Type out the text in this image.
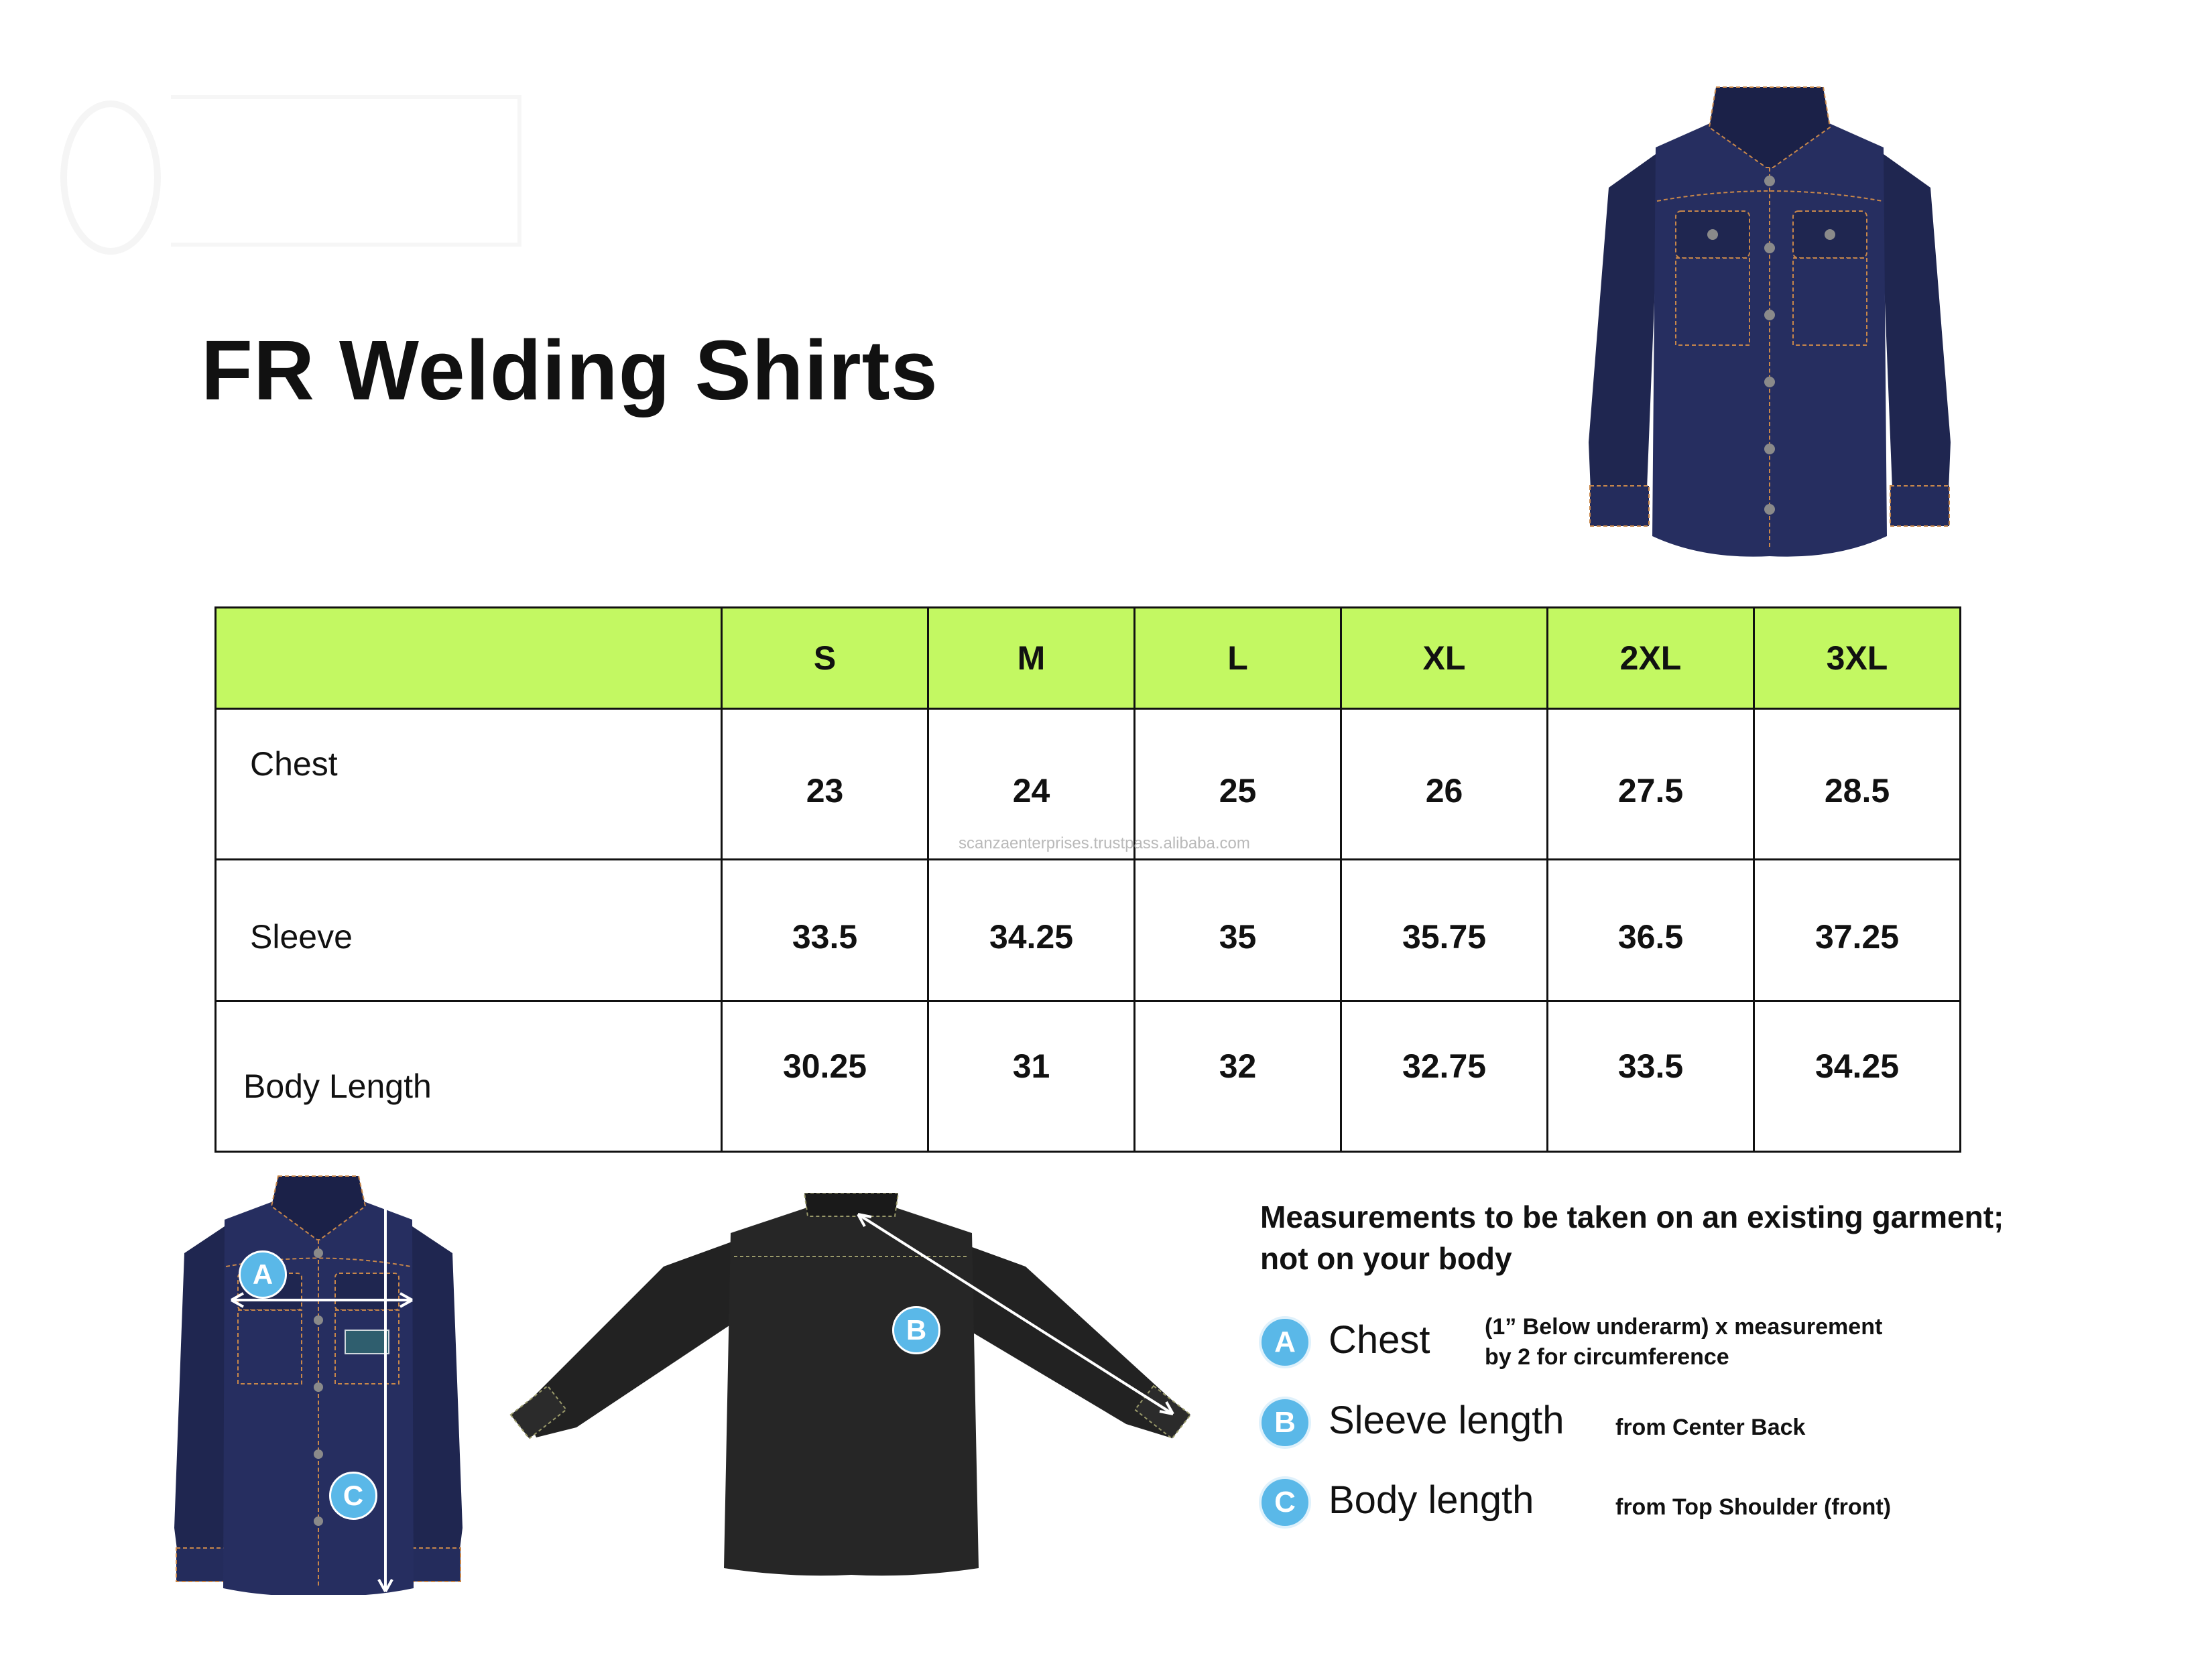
FR Welding Shirts
	S	M	L	XL	2XL	3XL
Chest	23	24	25	26	27.5	28.5
Sleeve	33.5	34.25	35	35.75	36.5	37.25
Body Length	30.25	31	32	32.75	33.5	34.25
scanzaenterprises.trustpass.alibaba.com
A
C
B
Measurements to be taken on an existing garment;
not on your body
A Chest (1” Below underarm) x measurement
by 2 for circumference
B Sleeve length from Center Back
C Body length	from Top Shoulder (front)
